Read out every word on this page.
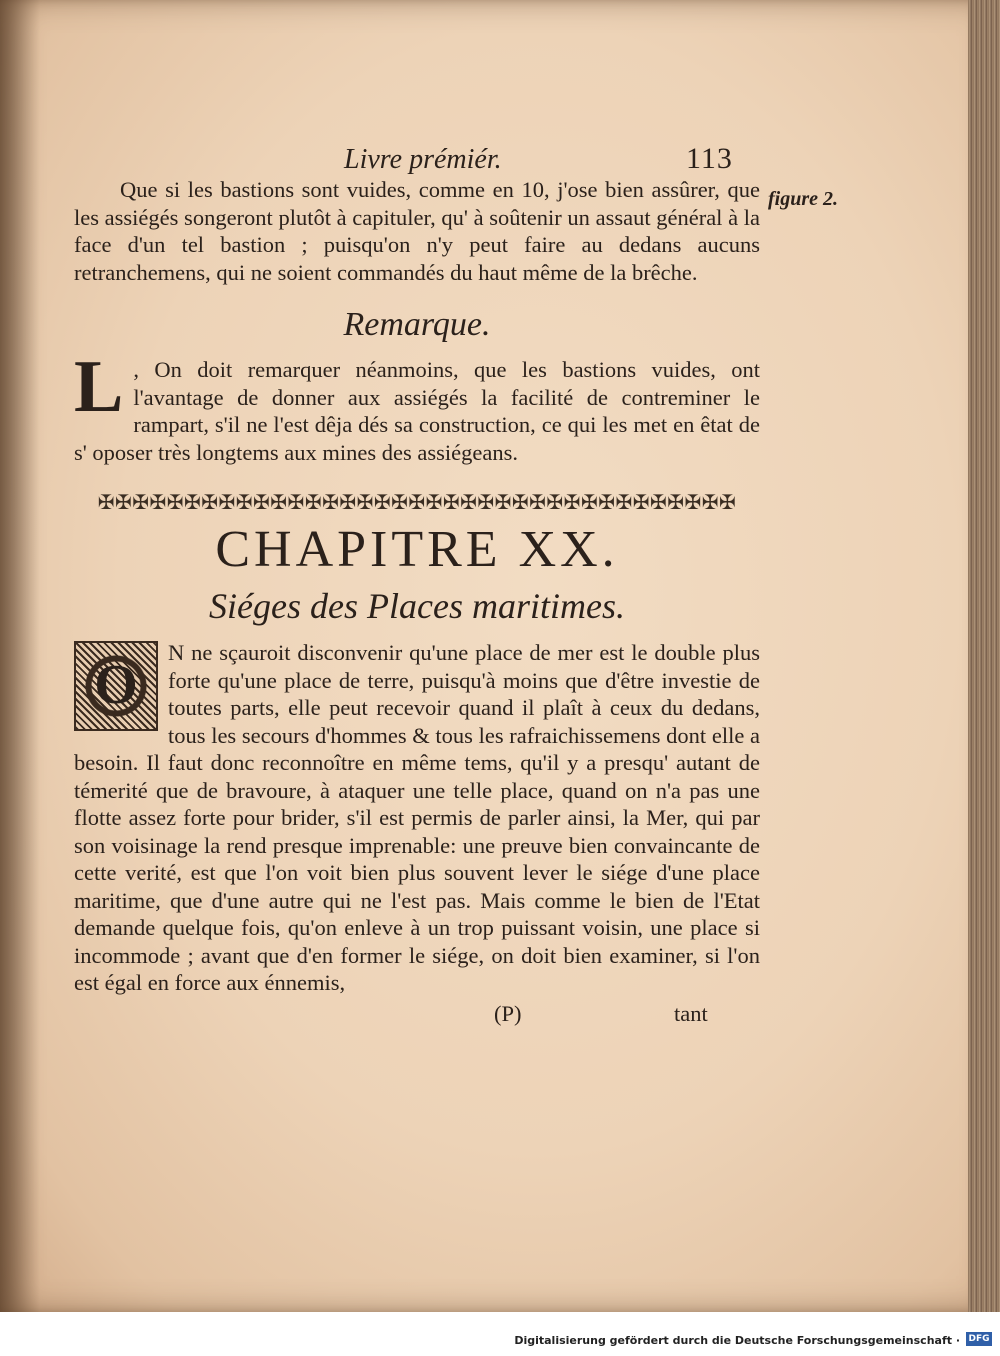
figure 2.
Livre prémiér.	113

Que si les bastions sont vuides, comme en 10, j'ose bien assûrer, que les assiégés songeront plutôt à capituler, qu' à soûtenir un assaut général à la face d'un tel bastion ; puisqu'on n'y peut faire au dedans aucuns retranchemens, qui ne soient commandés du haut même de la brêche.

Remarque.

L , On doit remarquer néanmoins, que les bastions vuides, ont l'avantage de donner aux assiégés la facilité de contreminer le rampart, s'il ne l'est dêja dés sa construction, ce qui les met en êtat de s' oposer très longtems aux mines des assiégeans.

✠✠✠✠✠✠✠✠✠✠✠✠✠✠✠✠✠✠✠✠✠✠✠✠✠✠✠✠✠✠✠✠✠✠✠✠✠
CHAPITRE XX.
Siéges des Places maritimes.

O
N ne sçauroit disconvenir qu'une place de mer est le double plus forte qu'une place de terre, puisqu'à moins que d'être investie de toutes parts, elle peut recevoir quand il plaît à ceux du dedans, tous les secours d'hommes & tous les rafraichissemens dont elle a besoin. Il faut donc reconnoître en même tems, qu'il y a presqu' autant de témerité que de bravoure, à ataquer une telle place, quand on n'a pas une flotte assez forte pour brider, s'il est permis de parler ainsi, la Mer, qui par son voisinage la rend presque imprenable: une preuve bien convaincante de cette verité, est que l'on voit bien plus souvent lever le siége d'une place maritime, que d'une autre qui ne l'est pas. Mais comme le bien de l'Etat demande quelque fois, qu'on enleve à un trop puissant voisin, une place si incommode ; avant que d'en former le siége, on doit bien examiner, si l'on est égal en force aux énnemis,

(P)	tant
Digitalisierung gefördert durch die Deutsche Forschungsgemeinschaft · DFG
